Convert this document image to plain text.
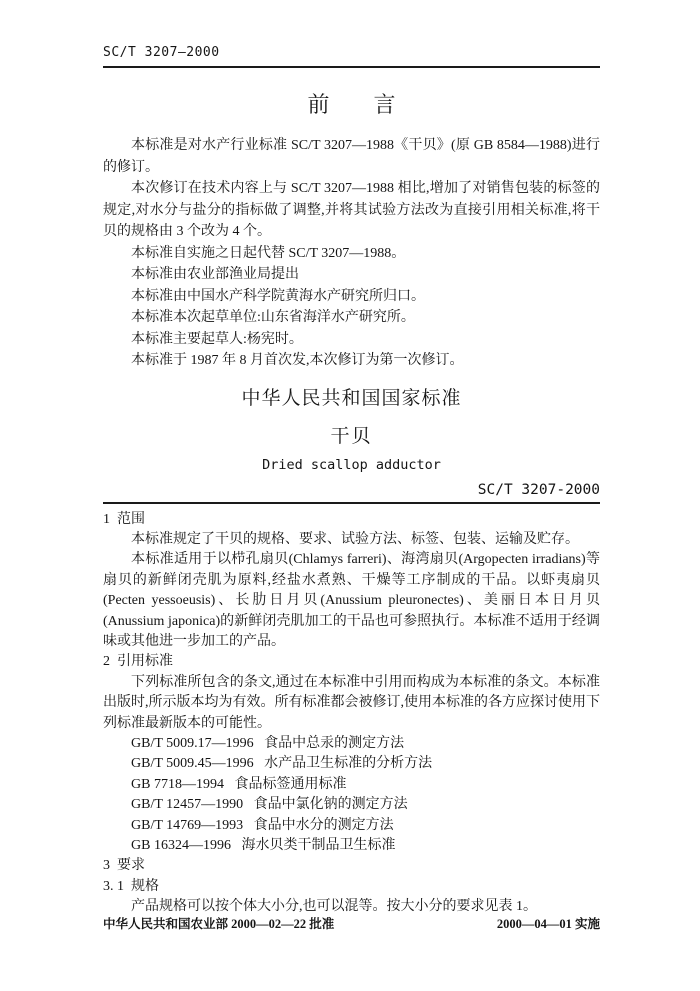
SC/T 3207—2000
前　　言

本标准是对水产行业标准 SC/T 3207—1988《干贝》(原 GB 8584—1988)进行的修订。

本次修订在技术内容上与 SC/T 3207—1988 相比,增加了对销售包装的标签的规定,对水分与盐分的指标做了调整,并将其试验方法改为直接引用相关标准,将干贝的规格由 3 个改为 4 个。

本标准自实施之日起代替 SC/T 3207—1988。

本标准由农业部渔业局提出

本标准由中国水产科学院黄海水产研究所归口。

本标准本次起草单位:山东省海洋水产研究所。

本标准主要起草人:杨宪时。

本标准于 1987 年 8 月首次发,本次修订为第一次修订。

中华人民共和国国家标准
干贝
Dried scallop adductor
SC/T 3207-2000
1  范围

本标准规定了干贝的规格、要求、试验方法、标签、包装、运输及贮存。

本标准适用于以栉孔扇贝(Chlamys farreri)、海湾扇贝(Argopecten irradians)等扇贝的新鲜闭壳肌为原料,经盐水煮熟、干燥等工序制成的干品。以虾夷扇贝(Pecten yessoeusis)、长肋日月贝(Anussium pleuronectes)、美丽日本日月贝(Anussium japonica)的新鲜闭壳肌加工的干品也可参照执行。本标准不适用于经调味或其他进一步加工的产品。

2  引用标准

下列标准所包含的条文,通过在本标准中引用而构成为本标准的条文。本标准出版时,所示版本均为有效。所有标准都会被修订,使用本标准的各方应探讨使用下列标准最新版本的可能性。

GB/T 5009.17—1996   食品中总汞的测定方法
GB/T 5009.45—1996   水产品卫生标准的分析方法
GB 7718—1994   食品标签通用标准
GB/T 12457—1990   食品中氯化钠的测定方法
GB/T 14769—1993   食品中水分的测定方法
GB 16324—1996   海水贝类干制品卫生标准
3  要求
3. 1  规格

产品规格可以按个体大小分,也可以混等。按大小分的要求见表 1。

中华人民共和国农业部 2000—02—22 批准	2000—04—01 实施
